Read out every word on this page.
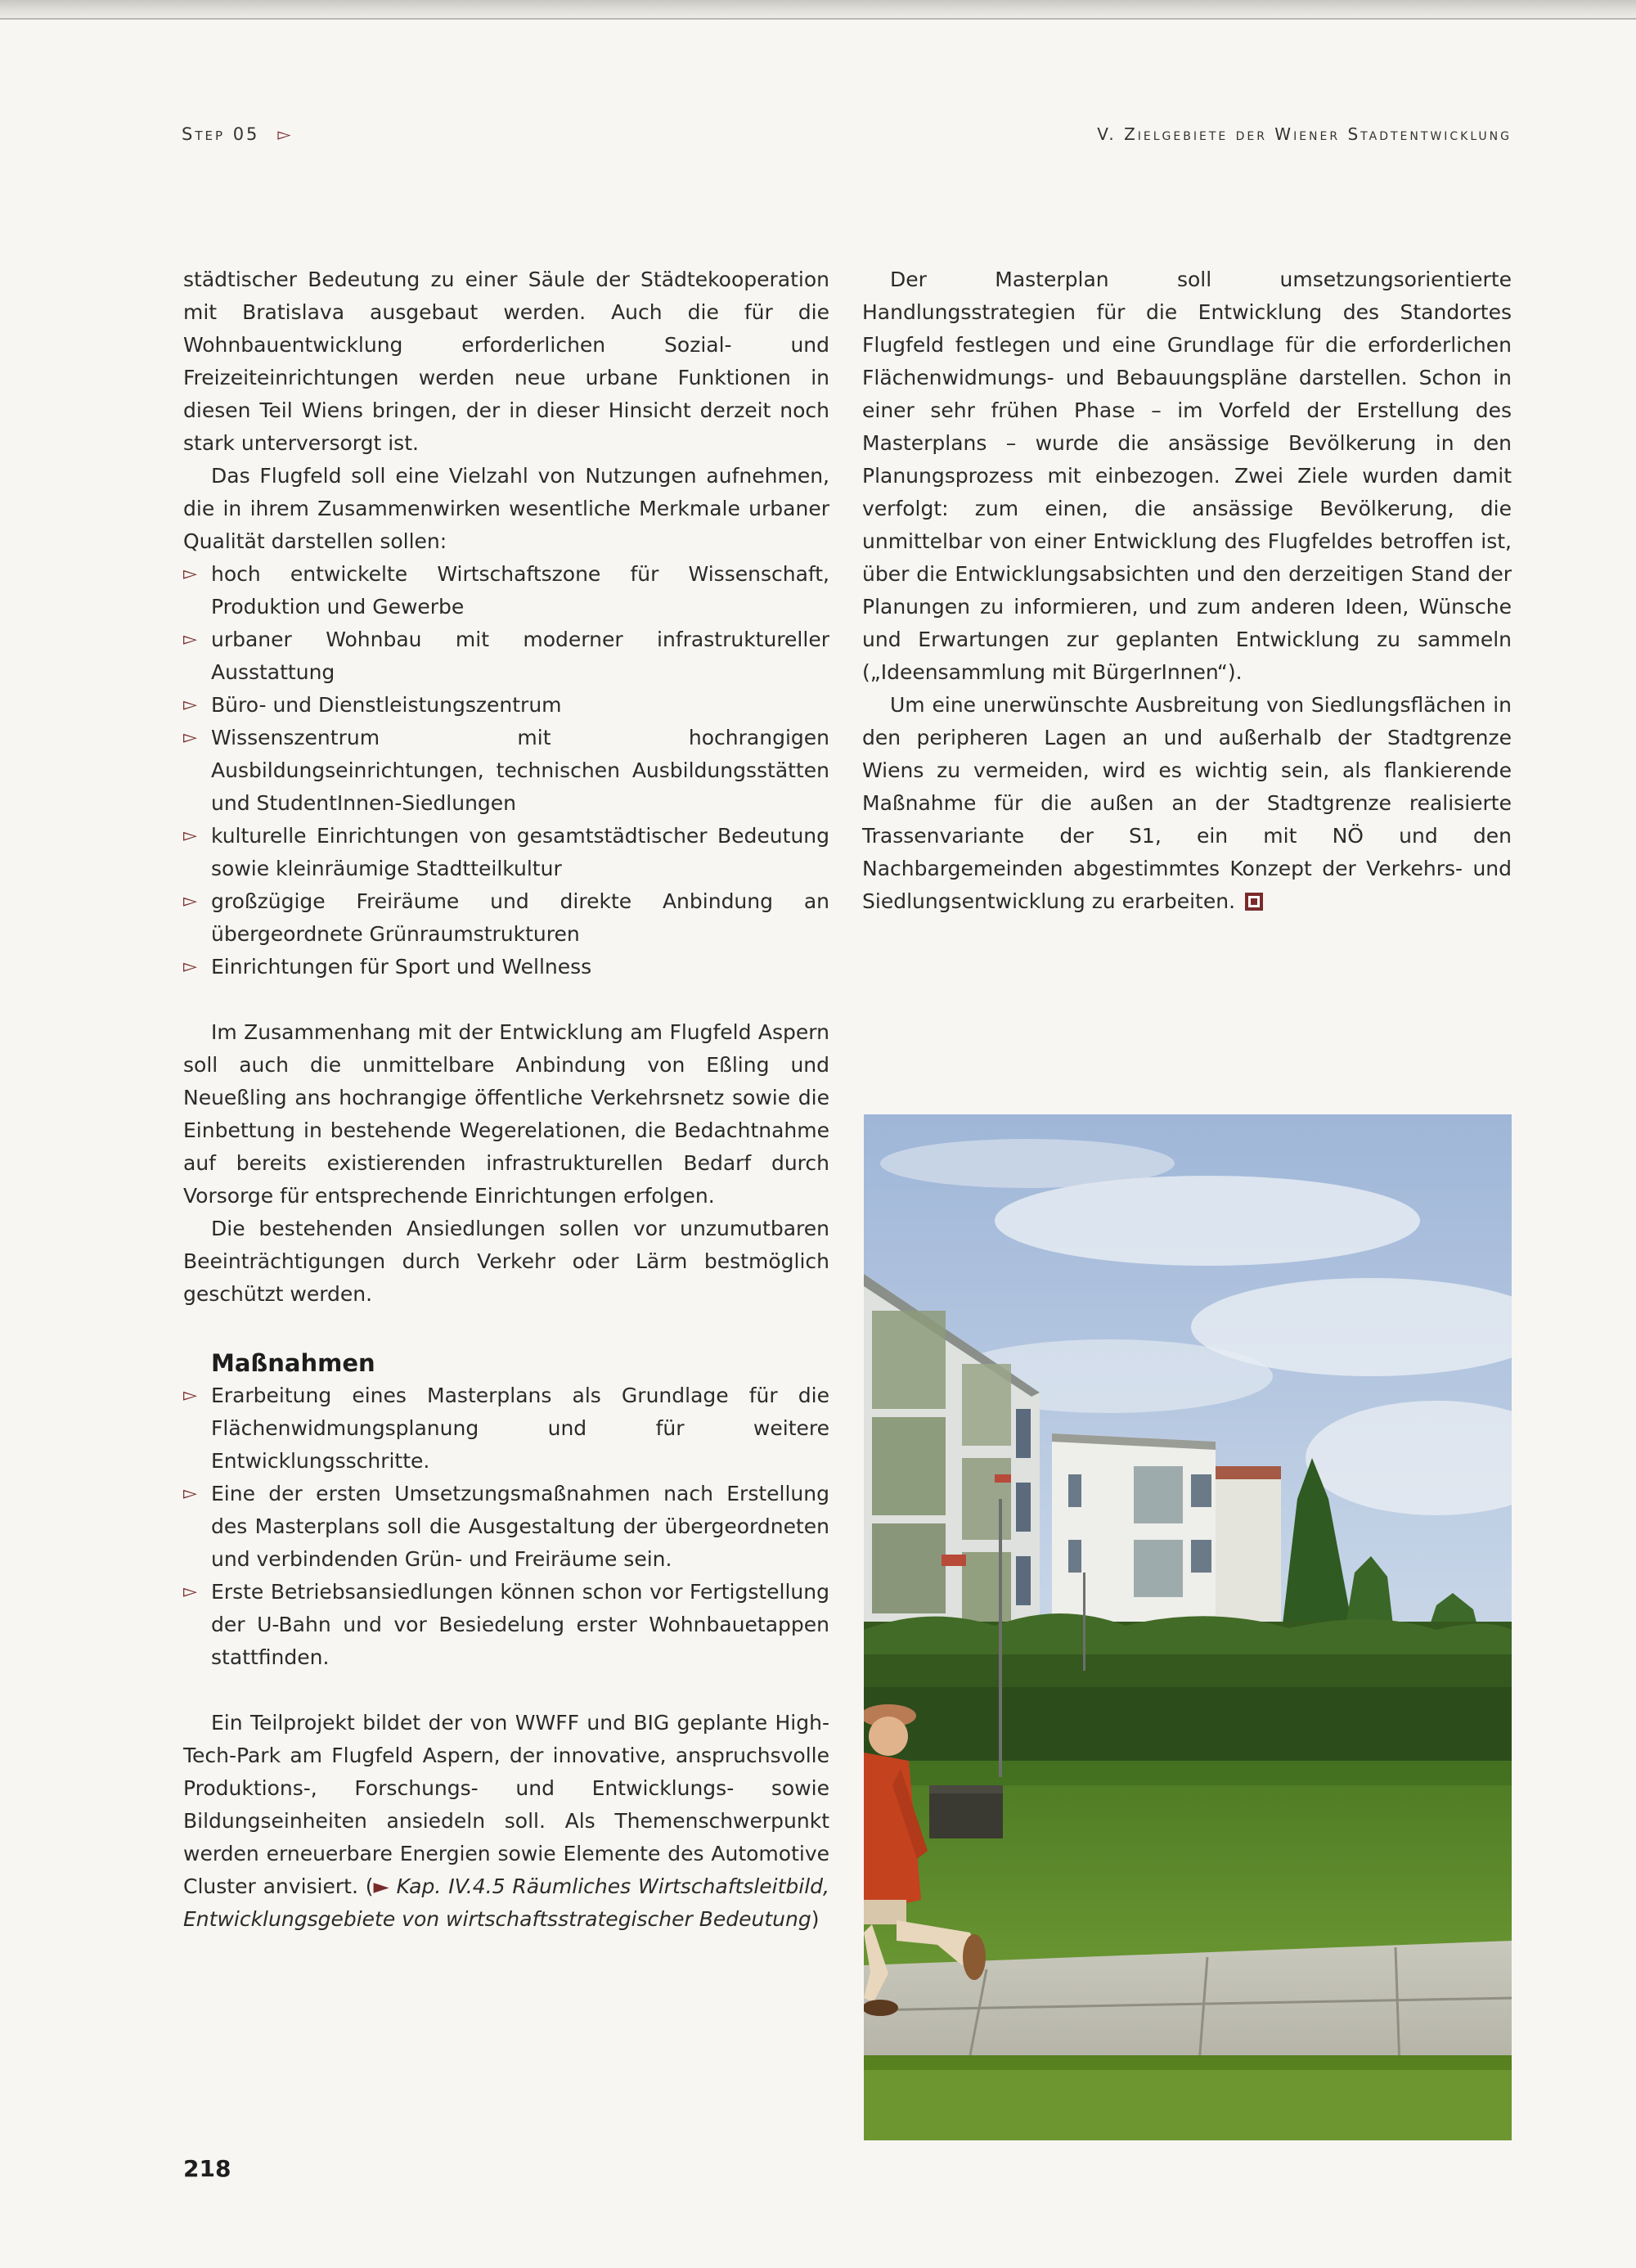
Step 05 ▻	V. Zielgebiete der Wiener Stadtentwicklung

städtischer Bedeutung zu einer Säule der Städtekooperation mit Bratislava ausgebaut werden. Auch die für die Wohnbauentwicklung erforderlichen Sozial- und Freizeiteinrichtungen werden neue urbane Funktionen in diesen Teil Wiens bringen, der in dieser Hinsicht derzeit noch stark unterversorgt ist.

Das Flugfeld soll eine Vielzahl von Nutzungen aufnehmen, die in ihrem Zusammenwirken wesentliche Merkmale urbaner Qualität darstellen sollen:

▻ hoch entwickelte Wirtschaftszone für Wissenschaft, Produktion und Gewerbe
▻ urbaner Wohnbau mit moderner infrastruktureller Ausstattung
▻ Büro- und Dienstleistungszentrum
▻ Wissenszentrum mit hochrangigen Ausbildungseinrichtungen, technischen Ausbildungsstätten und StudentInnen-Siedlungen
▻ kulturelle Einrichtungen von gesamtstädtischer Bedeutung sowie kleinräumige Stadtteilkultur
▻ großzügige Freiräume und direkte Anbindung an übergeordnete Grünraumstrukturen
▻ Einrichtungen für Sport und Wellness

Im Zusammenhang mit der Entwicklung am Flugfeld Aspern soll auch die unmittelbare Anbindung von Eßling und Neueßling ans hochrangige öffentliche Verkehrsnetz sowie die Einbettung in bestehende Wegerelationen, die Bedachtnahme auf bereits existierenden infrastrukturellen Bedarf durch Vorsorge für entsprechende Einrichtungen erfolgen.

Die bestehenden Ansiedlungen sollen vor unzumutbaren Beeinträchtigungen durch Verkehr oder Lärm bestmöglich geschützt werden.

Maßnahmen
▻ Erarbeitung eines Masterplans als Grundlage für die Flächenwidmungsplanung und für weitere Entwicklungsschritte.
▻ Eine der ersten Umsetzungsmaßnahmen nach Erstellung des Masterplans soll die Ausgestaltung der übergeordneten und verbindenden Grün- und Freiräume sein.
▻ Erste Betriebsansiedlungen können schon vor Fertigstellung der U-Bahn und vor Besiedelung erster Wohnbauetappen stattfinden.

Ein Teilprojekt bildet der von WWFF und BIG geplante High-Tech-Park am Flugfeld Aspern, der innovative, anspruchsvolle Produktions-, Forschungs- und Entwicklungs- sowie Bildungseinheiten ansiedeln soll. Als Themenschwerpunkt werden erneuerbare Energien sowie Elemente des Automotive Cluster anvisiert. (► Kap. IV.4.5 Räumliches Wirtschaftsleitbild, Entwicklungsgebiete von wirtschaftsstrategischer Bedeutung)

Der Masterplan soll umsetzungsorientierte Handlungsstrategien für die Entwicklung des Standortes Flugfeld festlegen und eine Grundlage für die erforderlichen Flächenwidmungs- und Bebauungspläne darstellen. Schon in einer sehr frühen Phase – im Vorfeld der Erstellung des Masterplans – wurde die ansässige Bevölkerung in den Planungsprozess mit einbezogen. Zwei Ziele wurden damit verfolgt: zum einen, die ansässige Bevölkerung, die unmittelbar von einer Entwicklung des Flugfeldes betroffen ist, über die Entwicklungsabsichten und den derzeitigen Stand der Planungen zu informieren, und zum anderen Ideen, Wünsche und Erwartungen zur geplanten Entwicklung zu sammeln („Ideensammlung mit BürgerInnen“).

Um eine unerwünschte Ausbreitung von Siedlungsflächen in den peripheren Lagen an und außerhalb der Stadtgrenze Wiens zu vermeiden, wird es wichtig sein, als flankierende Maßnahme für die außen an der Stadtgrenze realisierte Trassenvariante der S1, ein mit NÖ und den Nachbargemeinden abgestimmtes Konzept der Verkehrs- und Siedlungsentwicklung zu erarbeiten.

218
